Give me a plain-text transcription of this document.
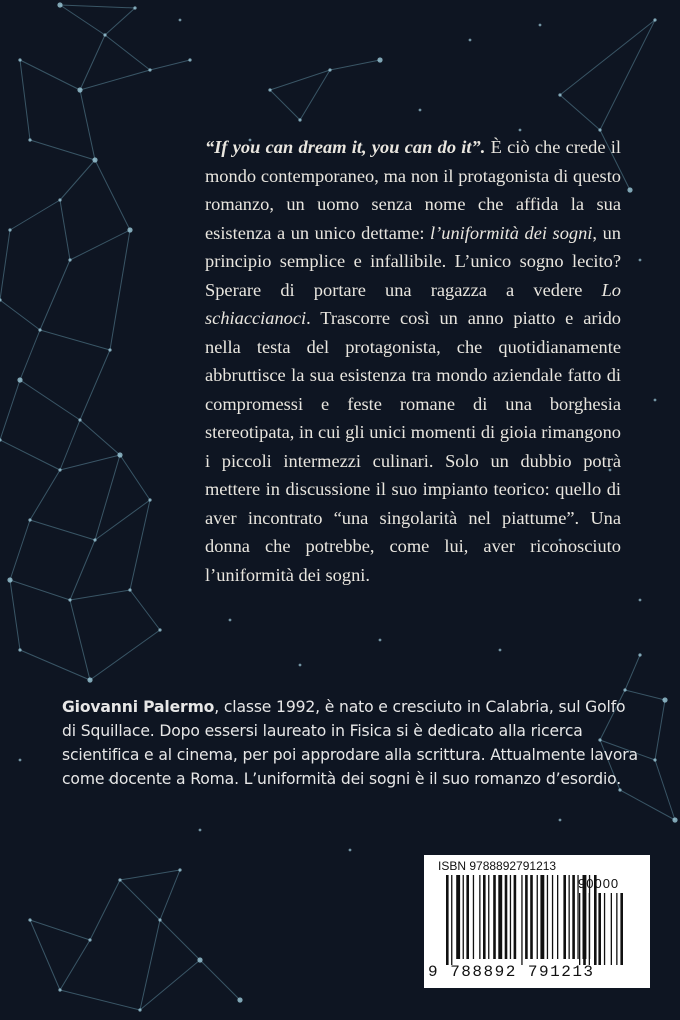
“If you can dream it, you can do it”. È ciò che crede il mondo contemporaneo, ma non il protagonista di questo romanzo, un uomo senza nome che affida la sua esistenza a un unico dettame: l’uniformità dei sogni, un principio semplice e infallibile. L’unico sogno lecito? Sperare di portare una ragazza a vedere Lo schiaccianoci. Trascorre così un anno piatto e arido nella testa del protagonista, che quotidianamente abbruttisce la sua esistenza tra mondo aziendale fatto di compromessi e feste romane di una borghesia stereotipata, in cui gli unici momenti di gioia rimangono i piccoli intermezzi culinari. Solo un dubbio potrà mettere in discussione il suo impianto teorico: quello di aver incontrato “una singolarità nel piattume”. Una donna che potrebbe, come lui, aver riconosciuto l’uniformità dei sogni.

Giovanni Palermo, classe 1992, è nato e cresciuto in Calabria, sul Golfo di Squillace. Dopo essersi laureato in Fisica si è dedicato alla ricerca scientifica e al cinema, per poi approdare alla scrittura. Attualmente lavora come docente a Roma. L’uniformità dei sogni è il suo romanzo d’esordio.

ISBN 9788892791213
90000
9 788892 791213
